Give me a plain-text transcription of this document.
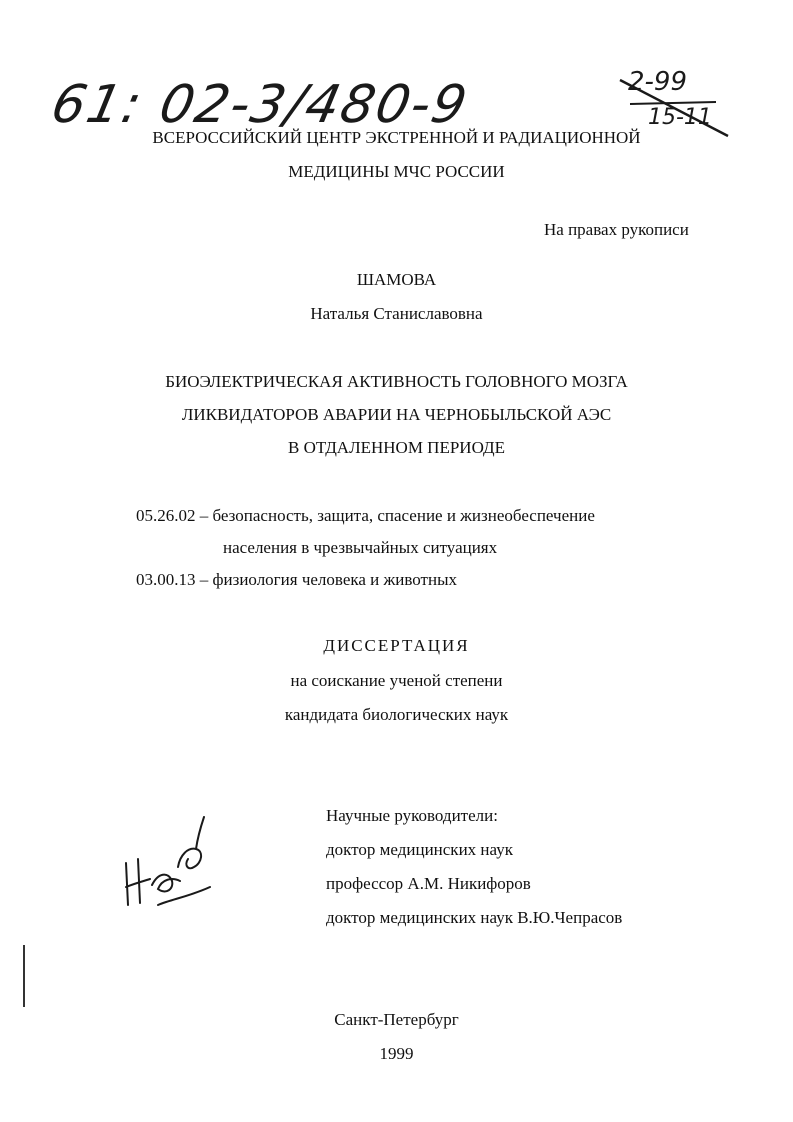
61: 02-3/480-9	2-99
15-11

ВСЕРОССИЙСКИЙ ЦЕНТР ЭКСТРЕННОЙ И РАДИАЦИОННОЙ

МЕДИЦИНЫ МЧС РОССИИ

На правах рукописи

ШАМОВА

Наталья Станиславовна

БИОЭЛЕКТРИЧЕСКАЯ АКТИВНОСТЬ ГОЛОВНОГО МОЗГА

ЛИКВИДАТОРОВ АВАРИИ НА ЧЕРНОБЫЛЬСКОЙ АЭС

В ОТДАЛЕННОМ ПЕРИОДЕ

05.26.02 – безопасность, защита, спасение и жизнеобеспечение

населения в чрезвычайных ситуациях

03.00.13 – физиология человека и животных

ДИССЕРТАЦИЯ

на соискание ученой степени

кандидата биологических наук

Научные руководители:

доктор медицинских наук

профессор А.М. Никифоров

доктор медицинских наук В.Ю.Чепрасов

Санкт-Петербург

1999
